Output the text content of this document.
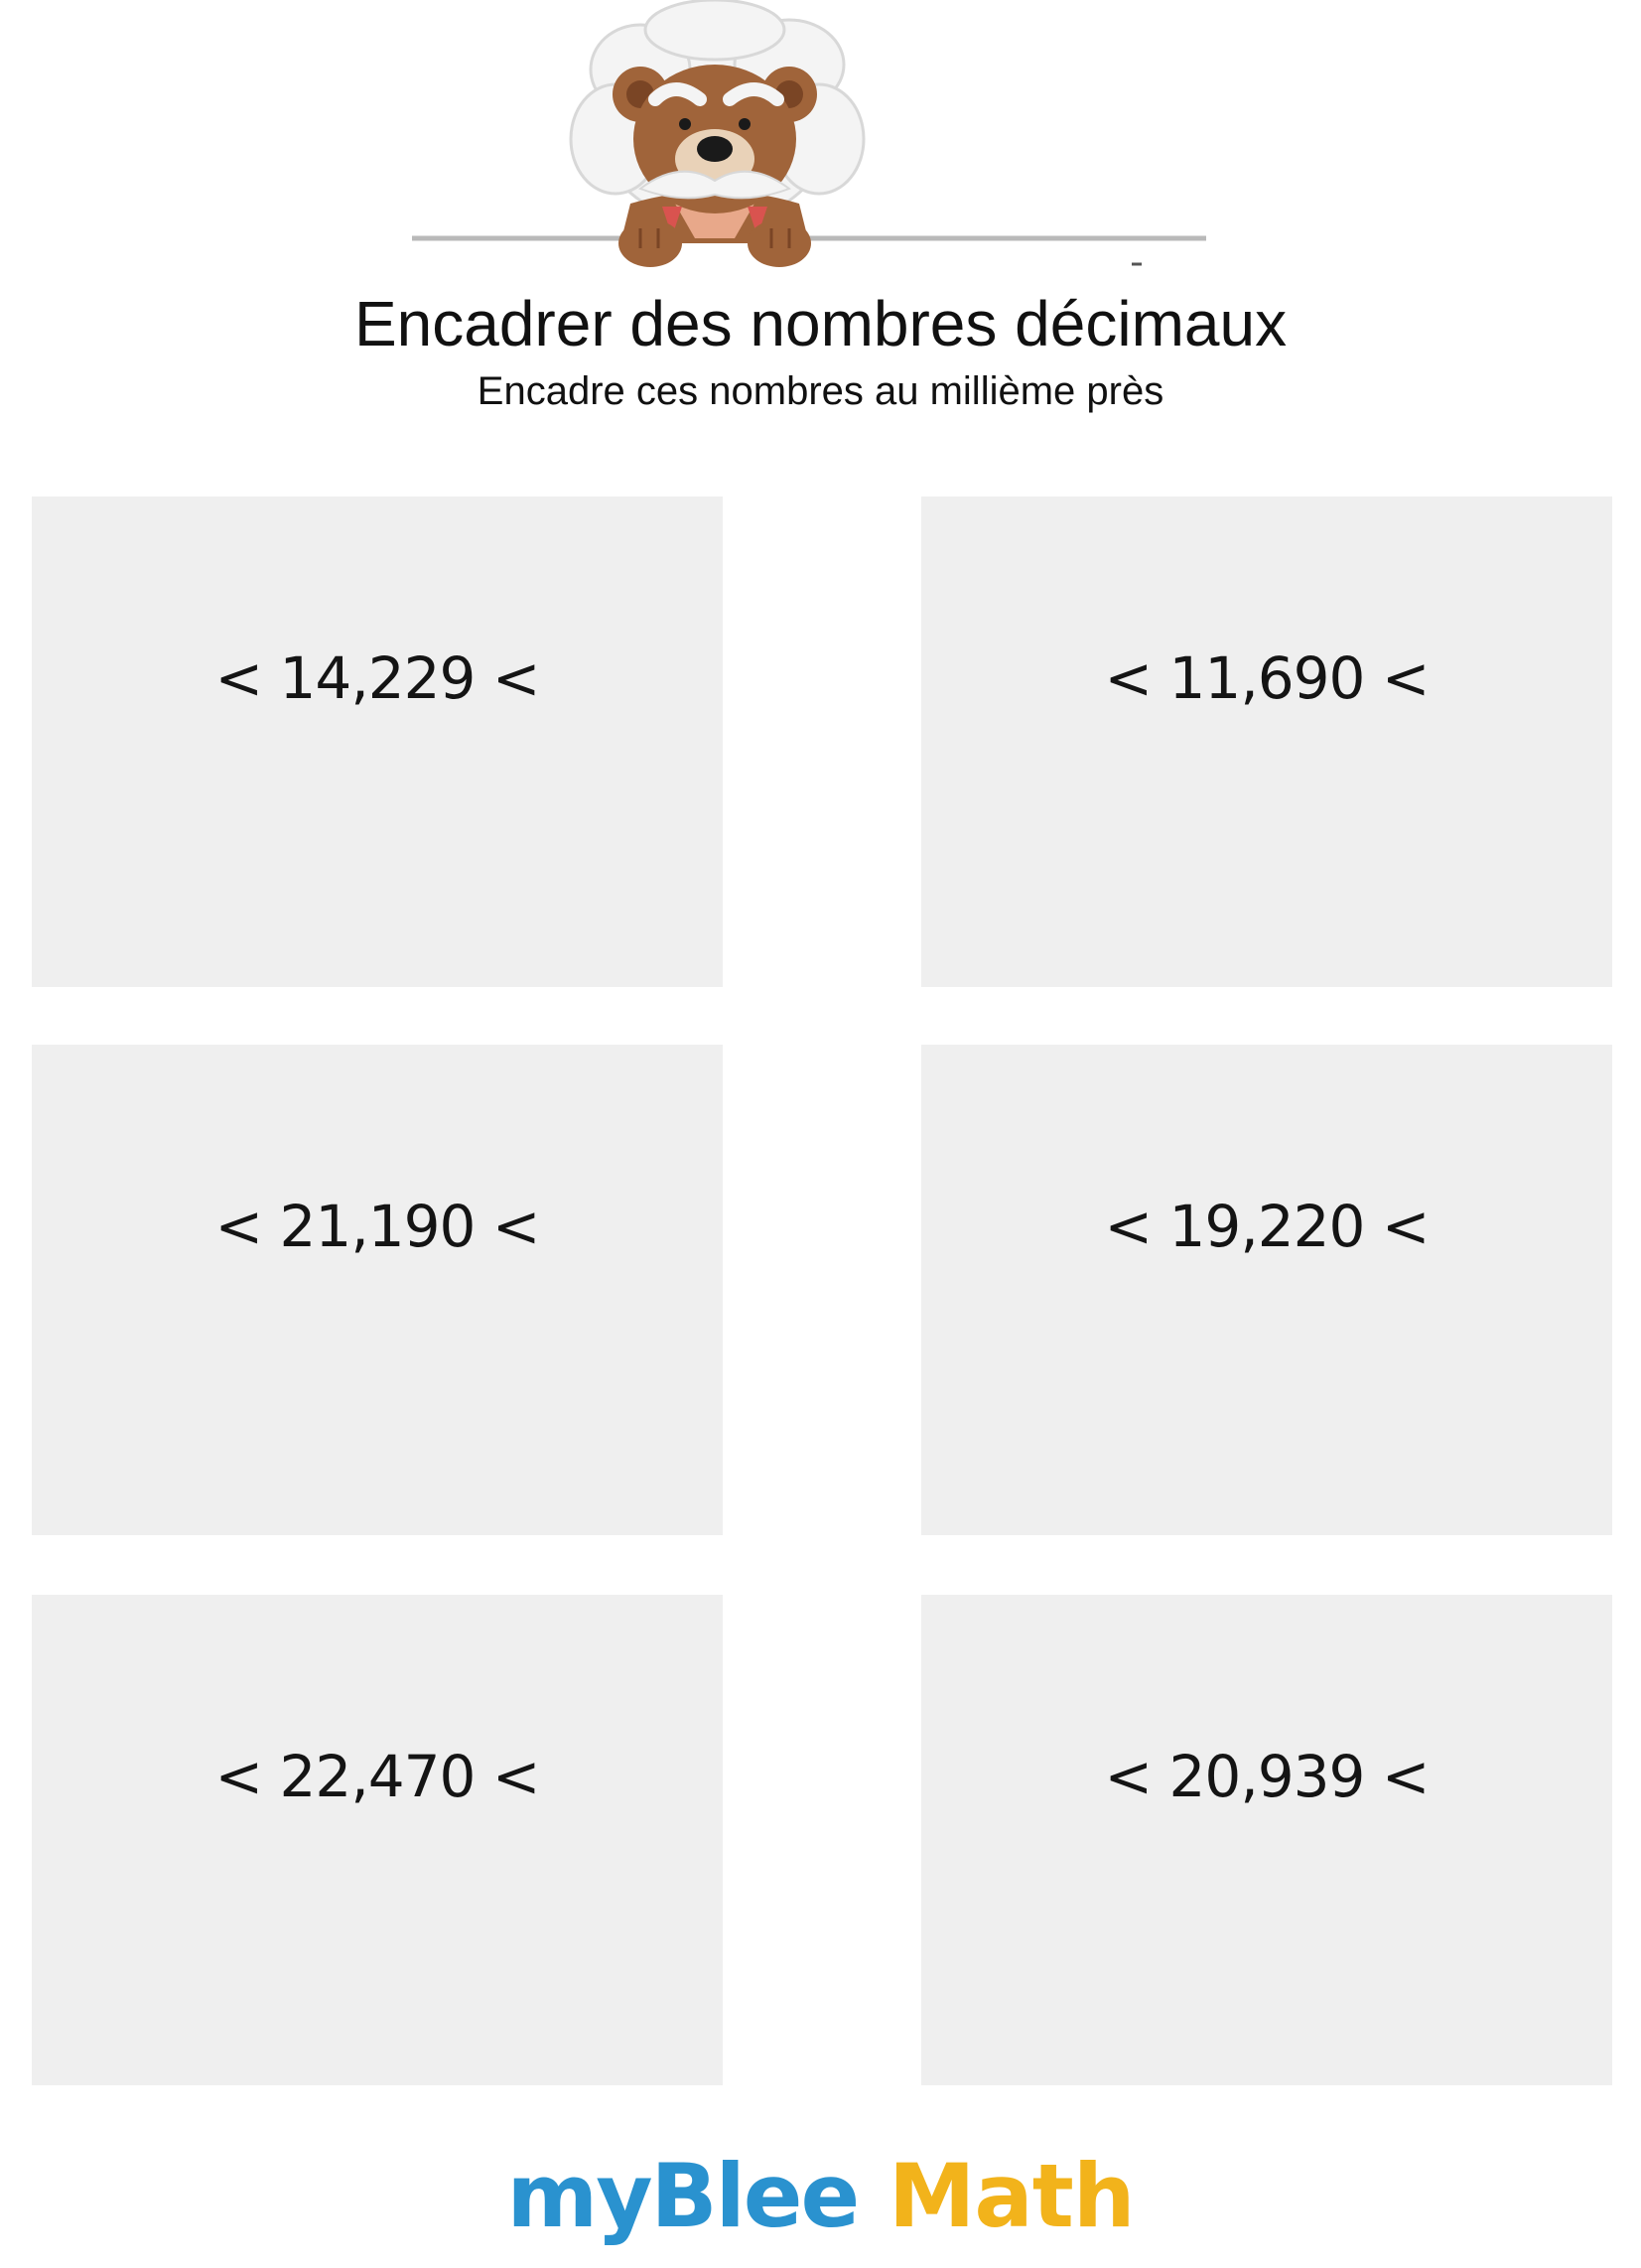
Encadrer des nombres décimaux
Encadre ces nombres au millième près
< 14,229 <	< 11,690 <
< 21,190 <	< 19,220 <
< 22,470 <	< 20,939 <
myBlee Math
